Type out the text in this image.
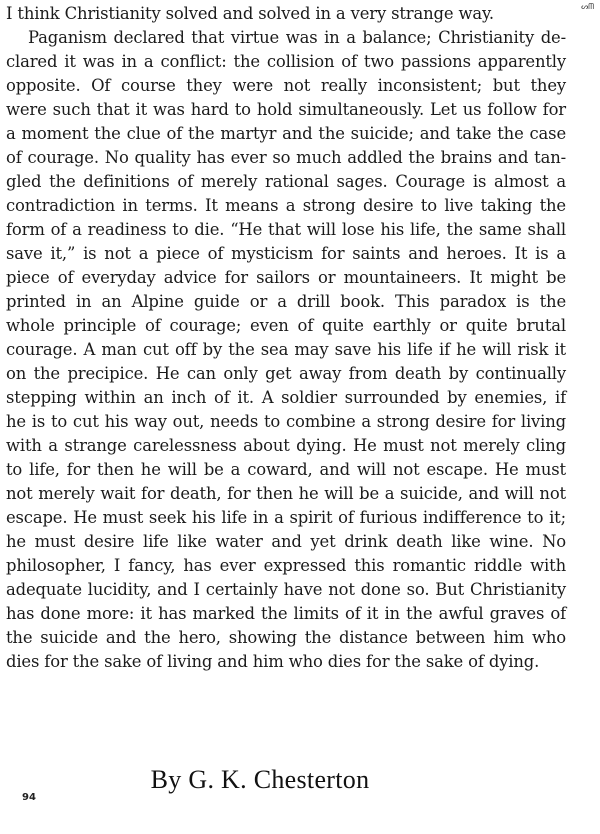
ᔕᗰ
I think Christianity solved and solved in a very strange way.
Paganism declared that virtue was in a balance; Christianity de-
clared it was in a conflict: the collision of two passions apparently
opposite. Of course they were not really inconsistent; but they
were such that it was hard to hold simultaneously. Let us follow for
a moment the clue of the martyr and the suicide; and take the case
of courage. No quality has ever so much addled the brains and tan-
gled the definitions of merely rational sages. Courage is almost a
contradiction in terms. It means a strong desire to live taking the
form of a readiness to die. “He that will lose his life, the same shall
save it,” is not a piece of mysticism for saints and heroes. It is a
piece of everyday advice for sailors or mountaineers. It might be
printed in an Alpine guide or a drill book. This paradox is the
whole principle of courage; even of quite earthly or quite brutal
courage. A man cut off by the sea may save his life if he will risk it
on the precipice. He can only get away from death by continually
stepping within an inch of it. A soldier surrounded by enemies, if
he is to cut his way out, needs to combine a strong desire for living
with a strange carelessness about dying. He must not merely cling
to life, for then he will be a coward, and will not escape. He must
not merely wait for death, for then he will be a suicide, and will not
escape. He must seek his life in a spirit of furious indifference to it;
he must desire life like water and yet drink death like wine. No
philosopher, I fancy, has ever expressed this romantic riddle with
adequate lucidity, and I certainly have not done so. But Christianity
has done more: it has marked the limits of it in the awful graves of
the suicide and the hero, showing the distance between him who
dies for the sake of living and him who dies for the sake of dying.
By G. K. Chesterton
94
